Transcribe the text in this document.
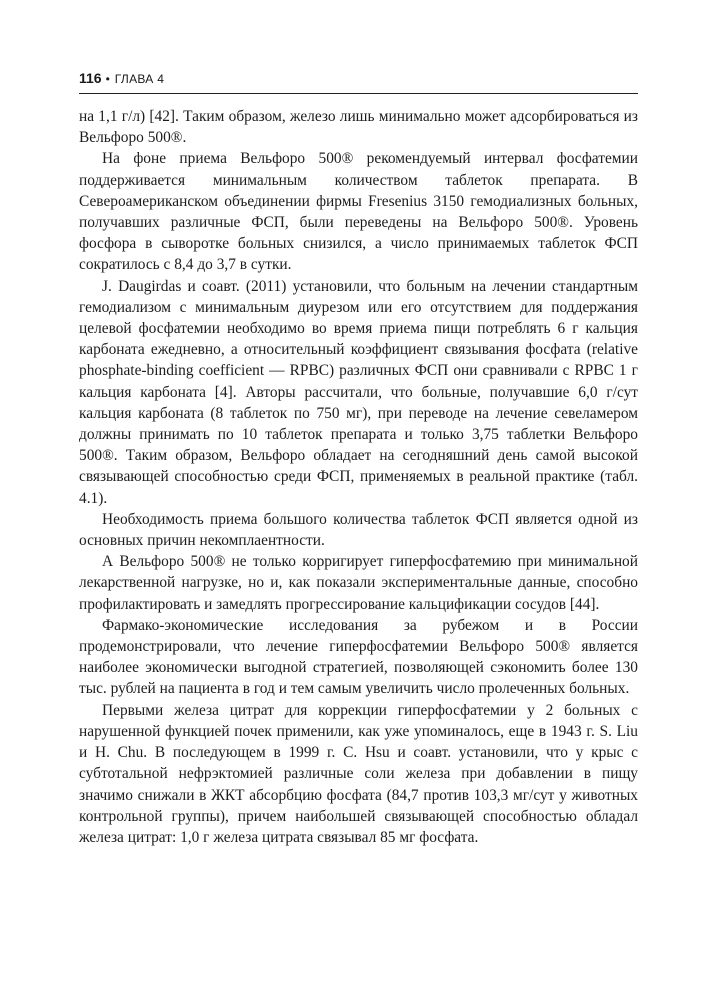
116 • ГЛАВА 4

на 1,1 г/л) [42]. Таким образом, железо лишь минимально может адсорбироваться из Вельфоро 500®.

На фоне приема Вельфоро 500® рекомендуемый интервал фосфатемии поддерживается минимальным количеством таблеток препарата. В Североамериканском объединении фирмы Fresenius 3150 гемодиализных больных, получавших различные ФСП, были переведены на Вельфоро 500®. Уровень фосфора в сыворотке больных снизился, а число принимаемых таблеток ФСП сократилось с 8,4 до 3,7 в сутки.

J. Daugirdas и соавт. (2011) установили, что больным на лечении стандартным гемодиализом с минимальным диурезом или его отсутствием для поддержания целевой фосфатемии необходимо во время приема пищи потреблять 6 г кальция карбоната ежедневно, а относительный коэффициент связывания фосфата (relative phosphate-binding coefficient — RPBC) различных ФСП они сравнивали с RPBC 1 г кальция карбоната [4]. Авторы рассчитали, что больные, получавшие 6,0 г/сут кальция карбоната (8 таблеток по 750 мг), при переводе на лечение севеламером должны принимать по 10 таблеток препарата и только 3,75 таблетки Вельфоро 500®. Таким образом, Вельфоро обладает на сегодняшний день самой высокой связывающей способностью среди ФСП, применяемых в реальной практике (табл. 4.1).

Необходимость приема большого количества таблеток ФСП является одной из основных причин некомплаентности.

А Вельфоро 500® не только корригирует гиперфосфатемию при минимальной лекарственной нагрузке, но и, как показали экспериментальные данные, способно профилактировать и замедлять прогрессирование кальцификации сосудов [44].

Фармако-экономические исследования за рубежом и в России продемонстрировали, что лечение гиперфосфатемии Вельфоро 500® является наиболее экономически выгодной стратегией, позволяющей сэкономить более 130 тыс. рублей на пациента в год и тем самым увеличить число пролеченных больных.

Первыми железа цитрат для коррекции гиперфосфатемии у 2 больных с нарушенной функцией почек применили, как уже упоминалось, еще в 1943 г. S. Liu и H. Chu. В последующем в 1999 г. C. Hsu и соавт. установили, что у крыс с субтотальной нефрэктомией различные соли железа при добавлении в пищу значимо снижали в ЖКТ абсорбцию фосфата (84,7 против 103,3 мг/сут у животных контрольной группы), причем наибольшей связывающей способностью обладал железа цитрат: 1,0 г железа цитрата связывал 85 мг фосфата.
